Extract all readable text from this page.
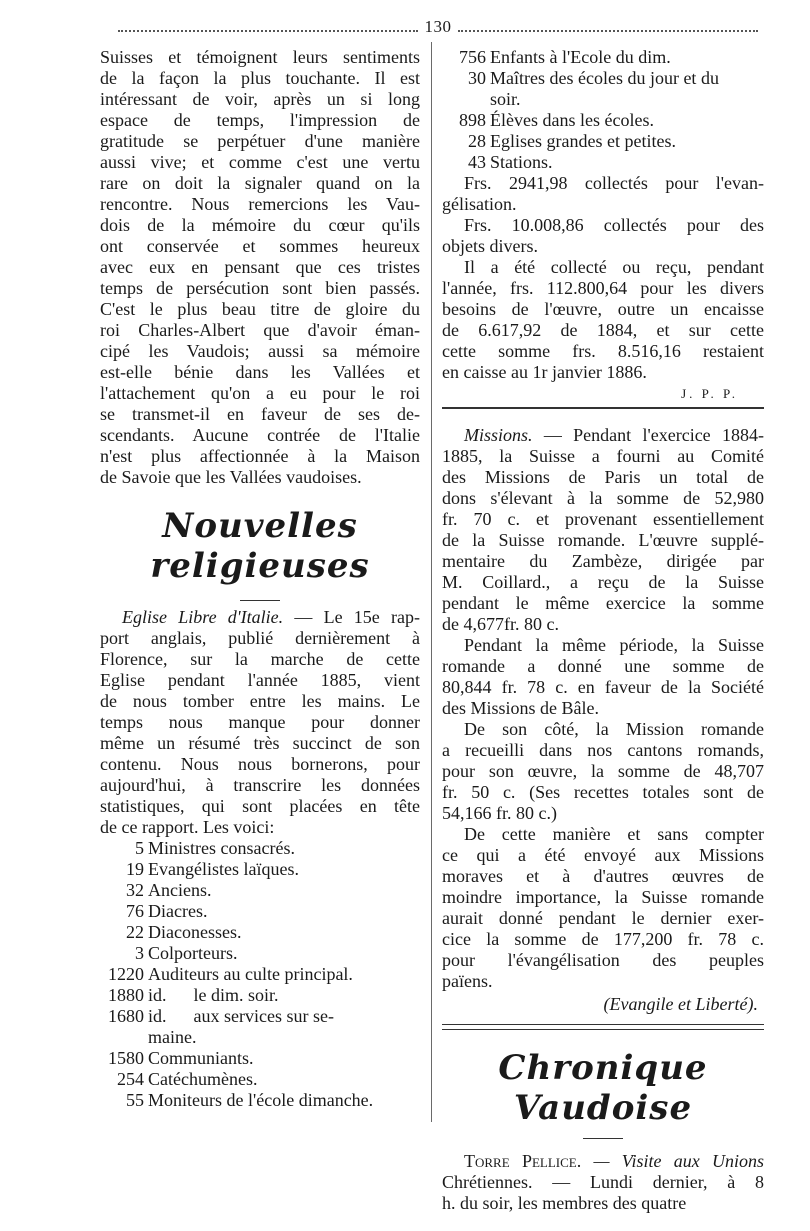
130
Suisses et témoignent leurs sentiments
de la façon la plus touchante. Il est
intéressant de voir, après un si long
espace de temps, l'impression de
gratitude se perpétuer d'une manière
aussi vive; et comme c'est une vertu
rare on doit la signaler quand on la
rencontre. Nous remercions les Vau-
dois de la mémoire du cœur qu'ils
ont conservée et sommes heureux
avec eux en pensant que ces tristes
temps de persécution sont bien passés.
C'est le plus beau titre de gloire du
roi Charles-Albert que d'avoir éman-
cipé les Vaudois; aussi sa mémoire
est-elle bénie dans les Vallées et
l'attachement qu'on a eu pour le roi
se transmet-il en faveur de ses de-
scendants. Aucune contrée de l'Italie
n'est plus affectionnée à la Maison
de Savoie que les Vallées vaudoises.

Nouvelles religieuses
Eglise Libre d'Italie. — Le 15e rap-
port anglais, publié dernièrement à
Florence, sur la marche de cette
Eglise pendant l'année 1885, vient
de nous tomber entre les mains. Le
temps nous manque pour donner
même un résumé très succinct de son
contenu. Nous nous bornerons, pour
aujourd'hui, à transcrire les données
statistiques, qui sont placées en tête
de ce rapport. Les voici:
5 Ministres consacrés.
19 Evangélistes laïques.
32 Anciens.
76 Diacres.
22 Diaconesses.
3 Colporteurs.
1220 Auditeurs au culte principal.
1880 id.      le dim. soir.
1680 id.      aux services sur se-
maine.
1580 Communiants.
254 Catéchumènes.
55 Moniteurs de l'école dimanche.
756 Enfants à l'Ecole du dim.
30 Maîtres des écoles du jour et du
soir.
898 Élèves dans les écoles.
28 Eglises grandes et petites.
43 Stations.
Frs. 2941,98 collectés pour l'evan-
gélisation.
Frs. 10.008,86 collectés pour des
objets divers.
Il a été collecté ou reçu, pendant
l'année, frs. 112.800,64 pour les divers
besoins de l'œuvre, outre un encaisse
de 6.617,92 de 1884, et sur cette
cette somme frs. 8.516,16 restaient
en caisse au 1r janvier 1886.
J. P. P.
Missions. — Pendant l'exercice 1884-
1885, la Suisse a fourni au Comité
des Missions de Paris un total de
dons s'élevant à la somme de 52,980
fr. 70 c. et provenant essentiellement
de la Suisse romande. L'œuvre supplé-
mentaire du Zambèze, dirigée par
M. Coillard., a reçu de la Suisse
pendant le même exercice la somme
de 4,677fr. 80 c.
Pendant la même période, la Suisse
romande a donné une somme de
80,844 fr. 78 c. en faveur de la Société
des Missions de Bâle.
De son côté, la Mission romande
a recueilli dans nos cantons romands,
pour son œuvre, la somme de 48,707
fr. 50 c. (Ses recettes totales sont de
54,166 fr. 80 c.)
De cette manière et sans compter
ce qui a été envoyé aux Missions
moraves et à d'autres œuvres de
moindre importance, la Suisse romande
aurait donné pendant le dernier exer-
cice la somme de 177,200 fr. 78 c.
pour l'évangélisation des peuples
païens.
(Evangile et Liberté).
Chronique Vaudoise
Torre Pellice. — Visite aux Unions
Chrétiennes. — Lundi dernier, à 8
h. du soir, les membres des quatre
